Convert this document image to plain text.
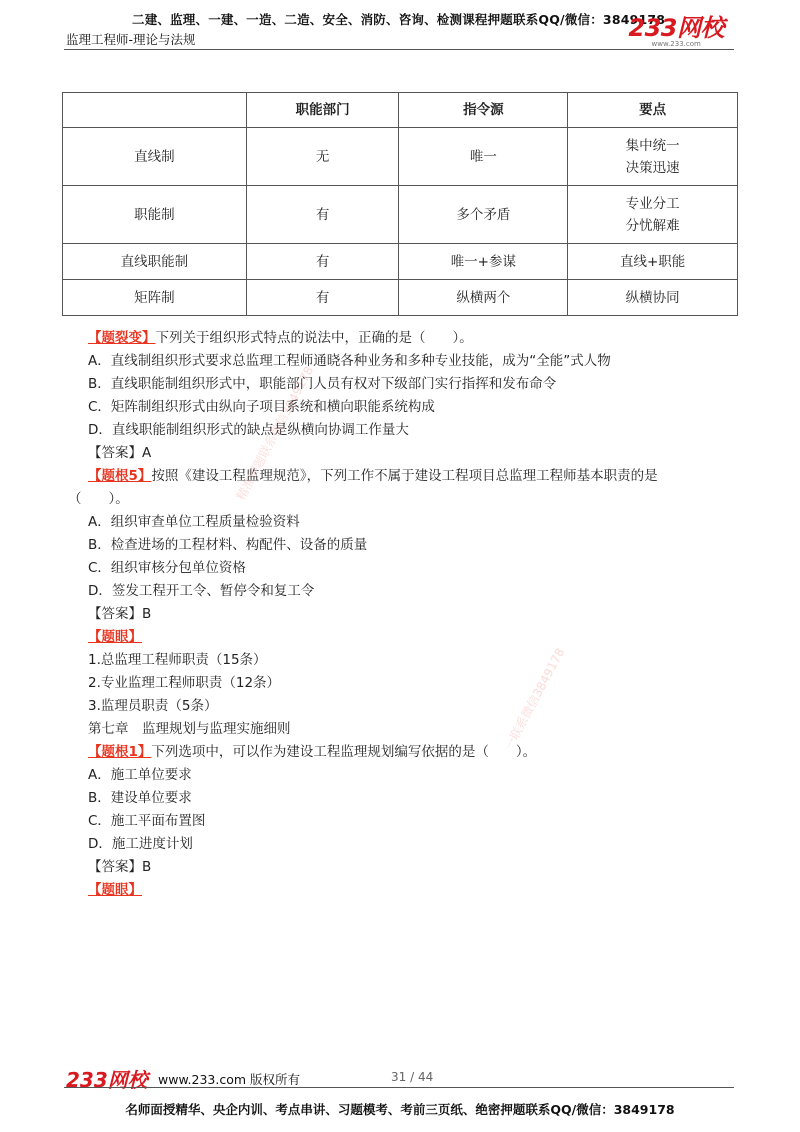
二建、监理、一建、一造、二造、安全、消防、咨询、检测课程押题联系QQ/微信：3849178
监理工程师-理论与法规	233网校
www.233.com
	职能部门	指令源	要点
直线制	无	唯一	集中统一
决策迅速

职能制	有	多个矛盾	专业分工
分忧解难

直线职能制	有	唯一+参谋	直线+职能
矩阵制	有	纵横两个	纵横协同
【题裂变】下列关于组织形式特点的说法中，正确的是（　　）。
A．直线制组织形式要求总监理工程师通晓各种业务和多种专业技能，成为“全能”式人物
B．直线职能制组织形式中，职能部门人员有权对下级部门实行指挥和发布命令
C．矩阵制组织形式由纵向子项目系统和横向职能系统构成
D．直线职能制组织形式的缺点是纵横向协调工作量大
【答案】A
【题根5】按照《建设工程监理规范》，下列工作不属于建设工程项目总监理工程师基本职责的是
（　　）。
A．组织审查单位工程质量检验资料
B．检查进场的工程材料、构配件、设备的质量
C．组织审核分包单位资格
D．签发工程开工令、暂停令和复工令
【答案】B
【题眼】
1.总监理工程师职责（15条）
2.专业监理工程师职责（12条）
3.监理员职责（5条）
第七章　监理规划与监理实施细则
【题根1】下列选项中，可以作为建设工程监理规划编写依据的是（　　）。
A．施工单位要求
B．建设单位要求
C．施工平面布置图
D．施工进度计划
【答案】B
【题眼】
精准押题联系微信3849178
一联系微信3849178
233网校 www.233.com 版权所有	31 / 44
名师面授精华、央企内训、考点串讲、习题模考、考前三页纸、绝密押题联系QQ/微信：3849178
